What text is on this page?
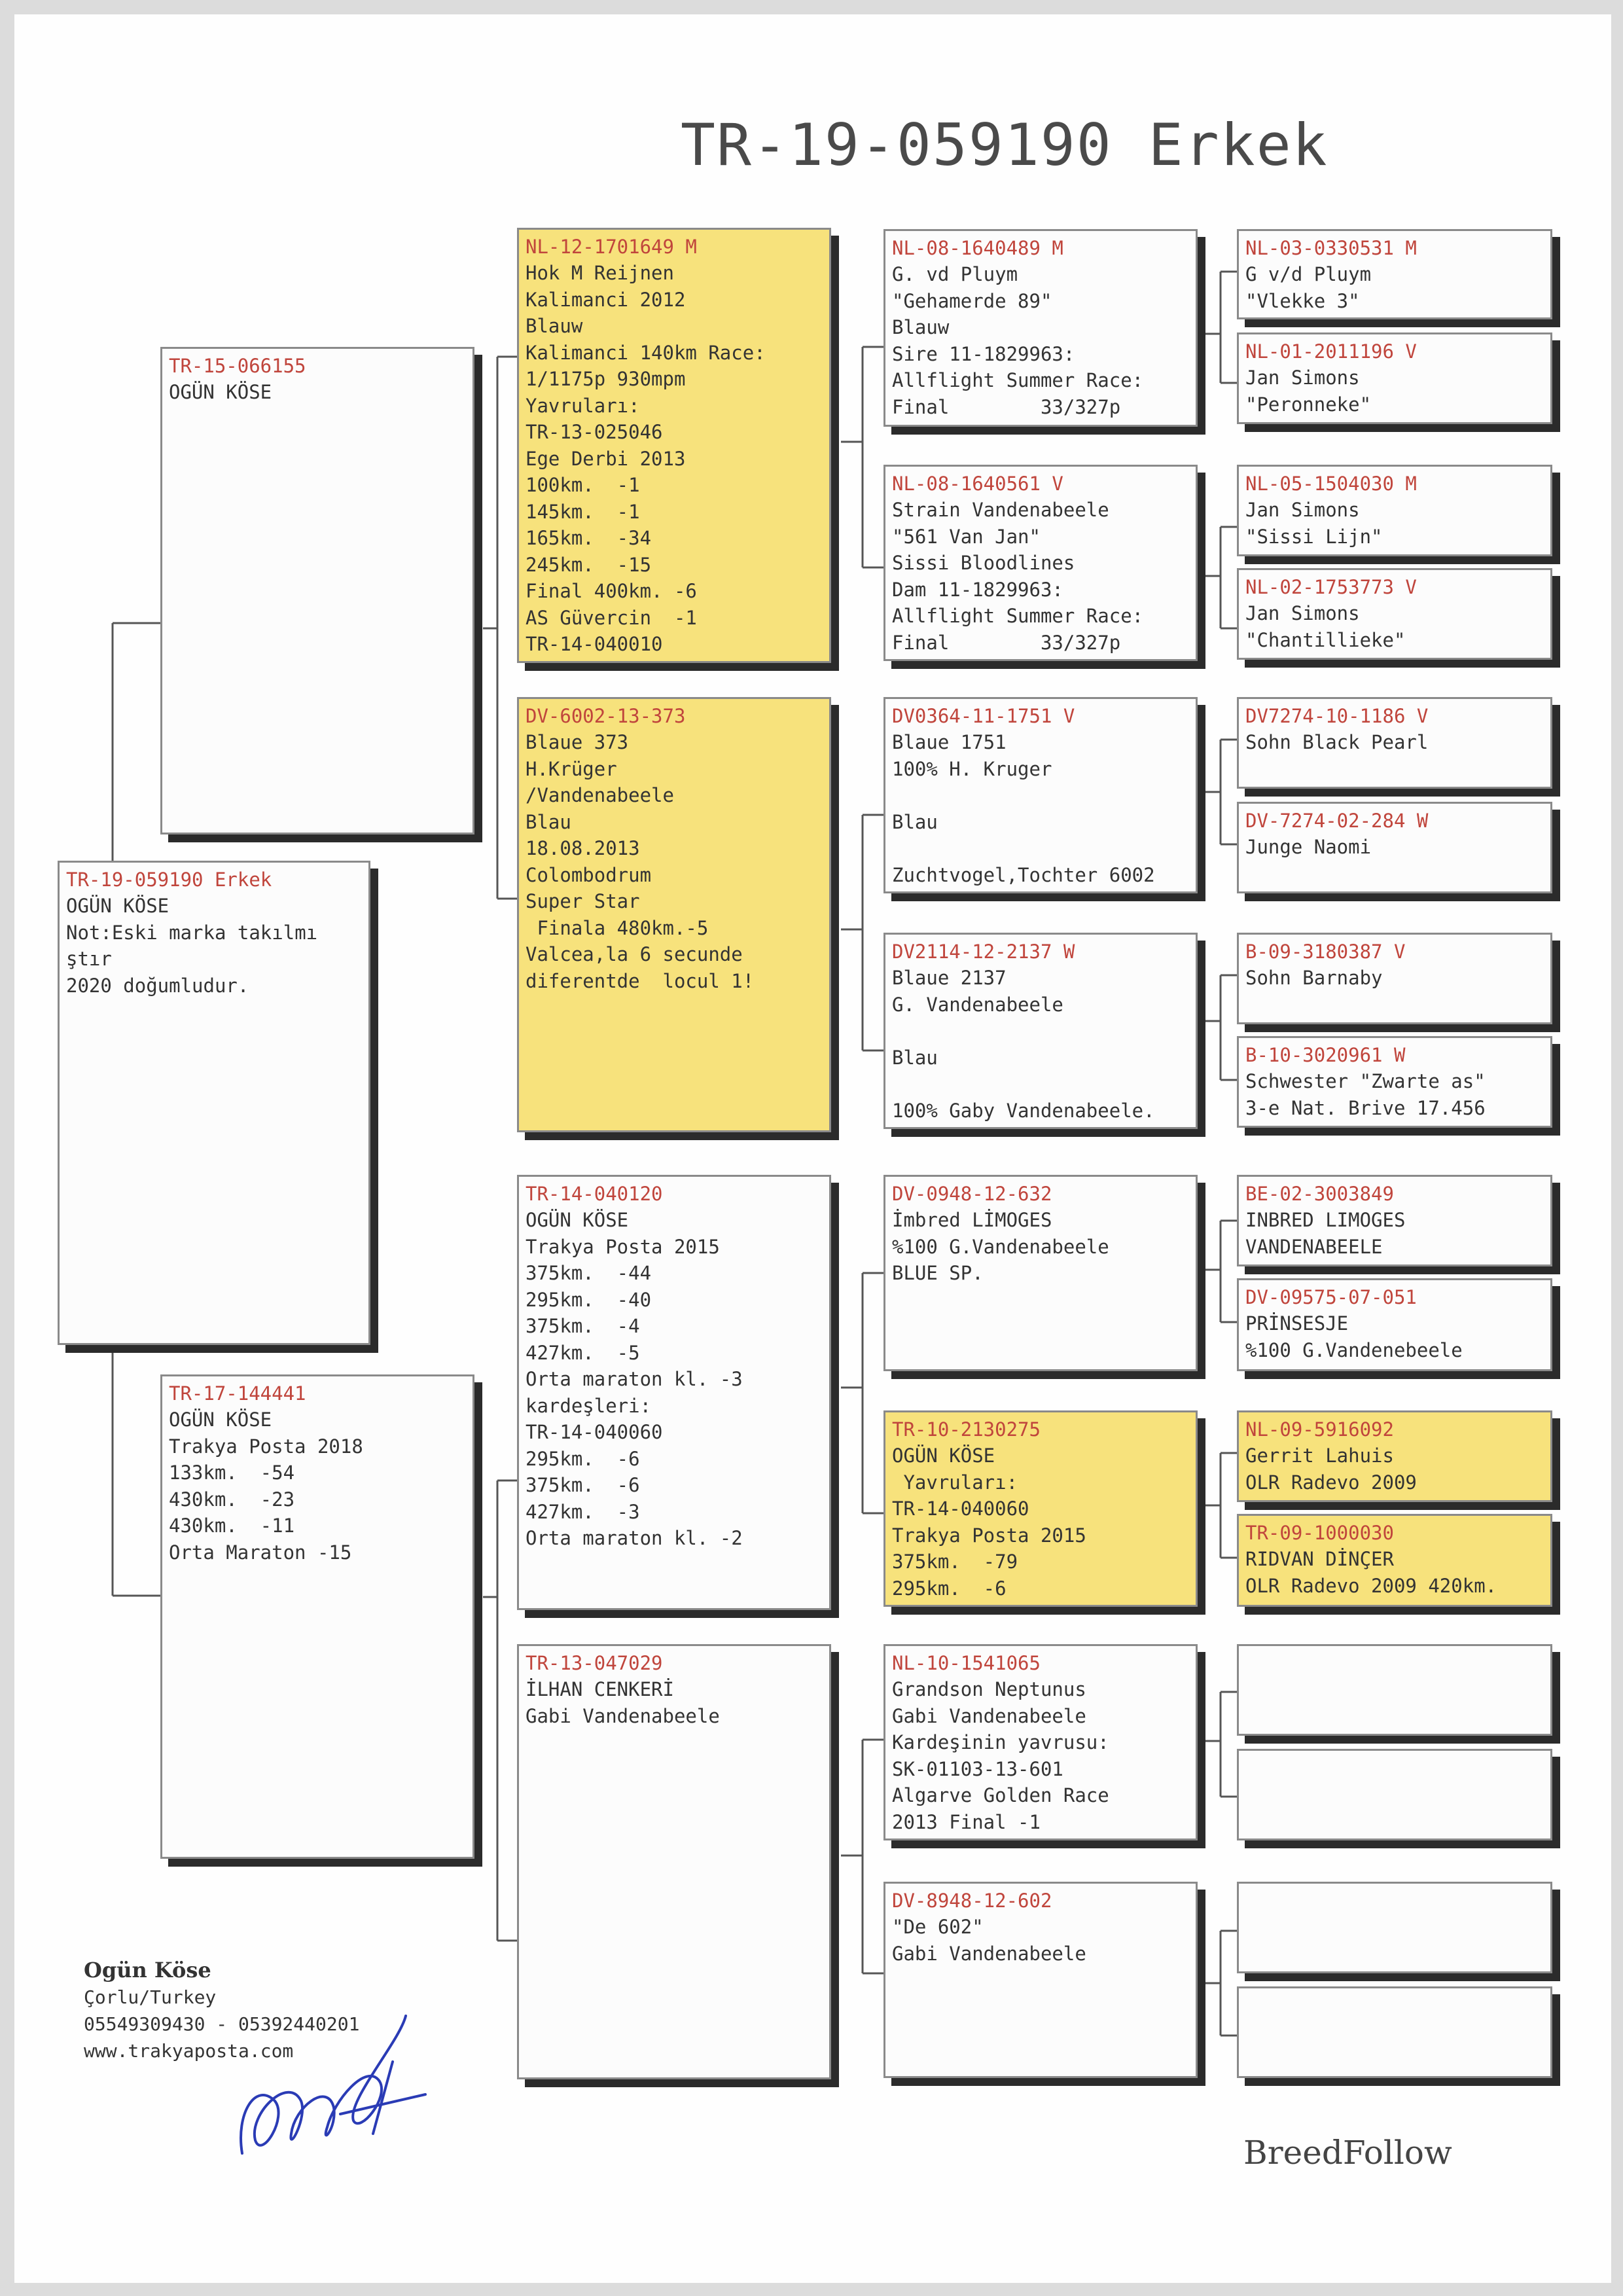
TR-19-059190 Erkek
TR-19-059190 Erkek
OGÜN KÖSE
Not:Eski marka takılmı
ştır
2020 doğumludur.
TR-15-066155
OGÜN KÖSE
TR-17-144441
OGÜN KÖSE
Trakya Posta 2018
133km.  -54
430km.  -23
430km.  -11
Orta Maraton -15
NL-12-1701649 M
Hok M Reijnen
Kalimanci 2012
Blauw
Kalimanci 140km Race:
1/1175p 930mpm
Yavruları:
TR-13-025046
Ege Derbi 2013
100km.  -1
145km.  -1
165km.  -34
245km.  -15
Final 400km. -6
AS Güvercin  -1
TR-14-040010
DV-6002-13-373
Blaue 373
H.Krüger
/Vandenabeele
Blau
18.08.2013
Colombodrum
Super Star
Finala 480km.-5
Valcea,la 6 secunde
diferentde  locul 1!
TR-14-040120
OGÜN KÖSE
Trakya Posta 2015
375km.  -44
295km.  -40
375km.  -4
427km.  -5
Orta maraton kl. -3
kardeşleri:
TR-14-040060
295km.  -6
375km.  -6
427km.  -3
Orta maraton kl. -2
TR-13-047029
İLHAN CENKERİ
Gabi Vandenabeele
NL-08-1640489 M
G. vd Pluym
"Gehamerde 89"
Blauw
Sire 11-1829963:
Allflight Summer Race:
Final        33/327p
NL-08-1640561 V
Strain Vandenabeele
"561 Van Jan"
Sissi Bloodlines
Dam 11-1829963:
Allflight Summer Race:
Final        33/327p
DV0364-11-1751 V
Blaue 1751
100% H. Kruger

Blau

Zuchtvogel,Tochter 6002
DV2114-12-2137 W
Blaue 2137
G. Vandenabeele

Blau

100% Gaby Vandenabeele.
DV-0948-12-632
İmbred LİMOGES
%100 G.Vandenabeele
BLUE SP.
TR-10-2130275
OGÜN KÖSE
Yavruları:
TR-14-040060
Trakya Posta 2015
375km.  -79
295km.  -6
NL-10-1541065
Grandson Neptunus
Gabi Vandenabeele
Kardeşinin yavrusu:
SK-01103-13-601
Algarve Golden Race
2013 Final -1
DV-8948-12-602
"De 602"
Gabi Vandenabeele
NL-03-0330531 M
G v/d Pluym
"Vlekke 3"
NL-01-2011196 V
Jan Simons
"Peronneke"
NL-05-1504030 M
Jan Simons
"Sissi Lijn"
NL-02-1753773 V
Jan Simons
"Chantillieke"
DV7274-10-1186 V
Sohn Black Pearl
DV-7274-02-284 W
Junge Naomi
B-09-3180387 V
Sohn Barnaby
B-10-3020961 W
Schwester "Zwarte as"
3-e Nat. Brive 17.456
BE-02-3003849
INBRED LIMOGES
VANDENABEELE
DV-09575-07-051
PRİNSESJE
%100 G.Vandenebeele
NL-09-5916092
Gerrit Lahuis
OLR Radevo 2009
TR-09-1000030
RIDVAN DİNÇER
OLR Radevo 2009 420km.
Ogün Köse
Çorlu/Turkey
05549309430 - 05392440201
www.trakyaposta.com
BreedFollow
